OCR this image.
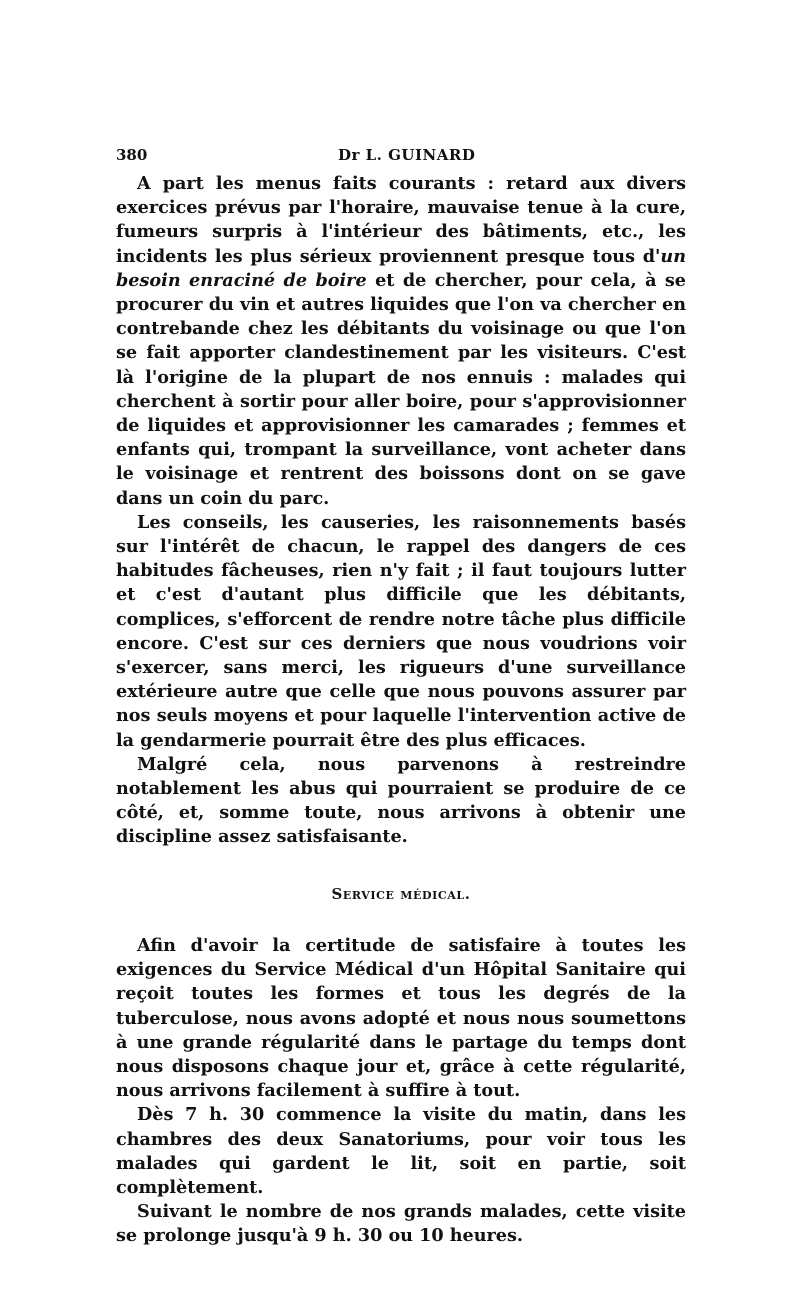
380	Dr L. GUINARD

A part les menus faits courants : retard aux divers exercices prévus par l'horaire, mauvaise tenue à la cure, fumeurs surpris à l'intérieur des bâtiments, etc., les incidents les plus sérieux proviennent presque tous d'un besoin enraciné de boire et de chercher, pour cela, à se procurer du vin et autres liquides que l'on va chercher en contrebande chez les débitants du voisinage ou que l'on se fait apporter clandestinement par les visiteurs. C'est là l'origine de la plupart de nos ennuis : malades qui cherchent à sortir pour aller boire, pour s'approvisionner de liquides et approvisionner les camarades ; femmes et enfants qui, trompant la surveillance, vont acheter dans le voisinage et rentrent des boissons dont on se gave dans un coin du parc.

Les conseils, les causeries, les raisonnements basés sur l'intérêt de chacun, le rappel des dangers de ces habitudes fâcheuses, rien n'y fait ; il faut toujours lutter et c'est d'autant plus difficile que les débitants, complices, s'efforcent de rendre notre tâche plus difficile encore. C'est sur ces derniers que nous voudrions voir s'exercer, sans merci, les rigueurs d'une surveillance extérieure autre que celle que nous pouvons assurer par nos seuls moyens et pour laquelle l'intervention active de la gendarmerie pourrait être des plus efficaces.

Malgré cela, nous parvenons à restreindre notablement les abus qui pourraient se produire de ce côté, et, somme toute, nous arrivons à obtenir une discipline assez satisfaisante.

Service médical.

Afin d'avoir la certitude de satisfaire à toutes les exigences du Service Médical d'un Hôpital Sanitaire qui reçoit toutes les formes et tous les degrés de la tuberculose, nous avons adopté et nous nous soumettons à une grande régularité dans le partage du temps dont nous disposons chaque jour et, grâce à cette régularité, nous arrivons facilement à suffire à tout.

Dès 7 h. 30 commence la visite du matin, dans les chambres des deux Sanatoriums, pour voir tous les malades qui gardent le lit, soit en partie, soit complètement.

Suivant le nombre de nos grands malades, cette visite se prolonge jusqu'à 9 h. 30 ou 10 heures.
